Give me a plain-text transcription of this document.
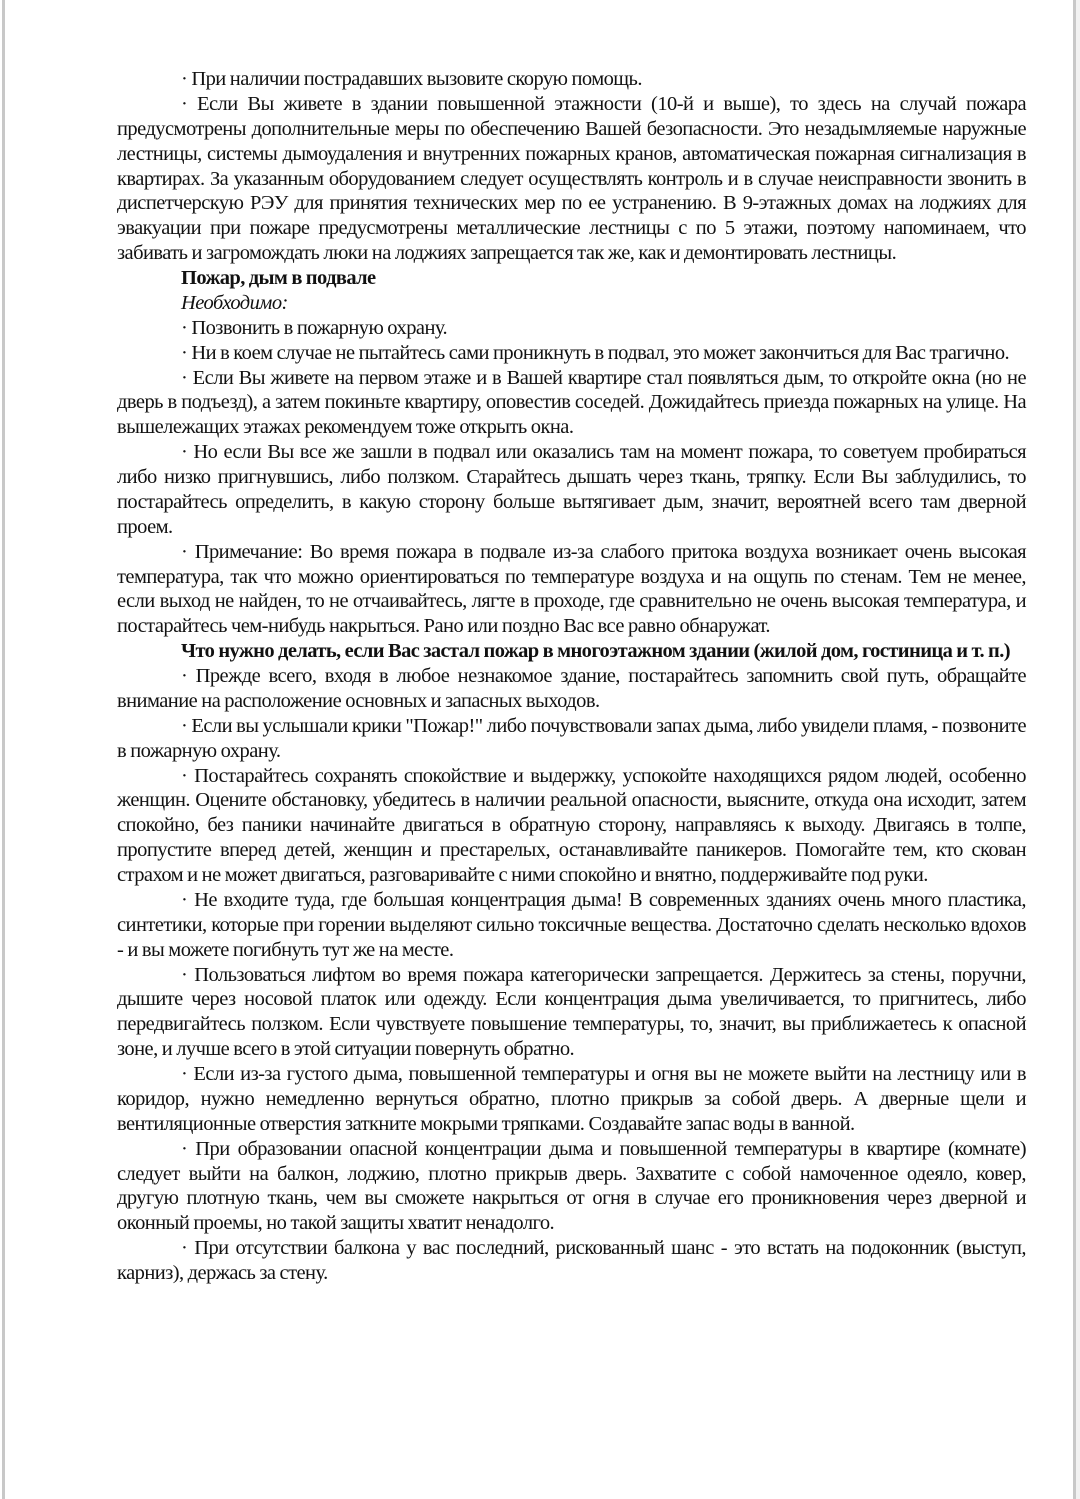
· При наличии пострадавших вызовите скорую помощь.

· Если Вы живете в здании повышенной этажности (10-й и выше), то здесь на случай пожара предусмотрены дополнительные меры по обеспечению Вашей безопасности. Это незадымляемые наружные лестницы, системы дымоудаления и внутренних пожарных кранов, автоматическая пожарная сигнализация в квартирах. За указанным оборудованием следует осуществлять контроль и в случае неисправности звонить в диспетчерскую РЭУ для принятия технических мер по ее устранению. В 9-этажных домах на лоджиях для эвакуации при пожаре предусмотрены металлические лестницы с по 5 этажи, поэтому напоминаем, что забивать и загромождать люки на лоджиях запрещается так же, как и демонтировать лестницы.

Пожар, дым в подвале

Необходимо:

· Позвонить в пожарную охрану.

· Ни в коем случае не пытайтесь сами проникнуть в подвал, это может закончиться для Вас трагично.

· Если Вы живете на первом этаже и в Вашей квартире стал появляться дым, то откройте окна (но не дверь в подъезд), а затем покиньте квартиру, оповестив соседей. Дожидайтесь приезда пожарных на улице. На вышележащих этажах рекомендуем тоже открыть окна.

· Но если Вы все же зашли в подвал или оказались там на момент пожара, то советуем пробираться либо низко пригнувшись, либо ползком. Старайтесь дышать через ткань, тряпку. Если Вы заблудились, то постарайтесь определить, в какую сторону больше вытягивает дым, значит, вероятней всего там дверной проем.

· Примечание: Во время пожара в подвале из-за слабого притока воздуха возникает очень высокая температура, так что можно ориентироваться по температуре воздуха и на ощупь по стенам. Тем не менее, если выход не найден, то не отчаивайтесь, лягте в проходе, где сравнительно не очень высокая температура, и постарайтесь чем-нибудь накрыться. Рано или поздно Вас все равно обнаружат.

Что нужно делать, если Вас застал пожар в многоэтажном здании (жилой дом, гостиница и т. п.)

· Прежде всего, входя в любое незнакомое здание, постарайтесь запомнить свой путь, обращайте внимание на расположение основных и запасных выходов.

· Если вы услышали крики "Пожар!" либо почувствовали запах дыма, либо увидели пламя, - позвоните в пожарную охрану.

· Постарайтесь сохранять спокойствие и выдержку, успокойте находящихся рядом людей, особенно женщин. Оцените обстановку, убедитесь в наличии реальной опасности, выясните, откуда она исходит, затем спокойно, без паники начинайте двигаться в обратную сторону, направляясь к выходу. Двигаясь в толпе, пропустите вперед детей, женщин и престарелых, останавливайте паникеров. Помогайте тем, кто скован страхом и не может двигаться, разговаривайте с ними спокойно и внятно, поддерживайте под руки.

· Не входите туда, где большая концентрация дыма! В современных зданиях очень много пластика, синтетики, которые при горении выделяют сильно токсичные вещества. Достаточно сделать несколько вдохов - и вы можете погибнуть тут же на месте.

· Пользоваться лифтом во время пожара категорически запрещается. Держитесь за стены, поручни, дышите через носовой платок или одежду. Если концентрация дыма увеличивается, то пригнитесь, либо передвигайтесь ползком. Если чувствуете повышение температуры, то, значит, вы приближаетесь к опасной зоне, и лучше всего в этой ситуации повернуть обратно.

· Если из-за густого дыма, повышенной температуры и огня вы не можете выйти на лестницу или в коридор, нужно немедленно вернуться обратно, плотно прикрыв за собой дверь. А дверные щели и вентиляционные отверстия заткните мокрыми тряпками. Создавайте запас воды в ванной.

· При образовании опасной концентрации дыма и повышенной температуры в квартире (комнате) следует выйти на балкон, лоджию, плотно прикрыв дверь. Захватите с собой намоченное одеяло, ковер, другую плотную ткань, чем вы сможете накрыться от огня в случае его проникновения через дверной и оконный проемы, но такой защиты хватит ненадолго.

· При отсутствии балкона у вас последний, рискованный шанс - это встать на подоконник (выступ, карниз), держась за стену.
